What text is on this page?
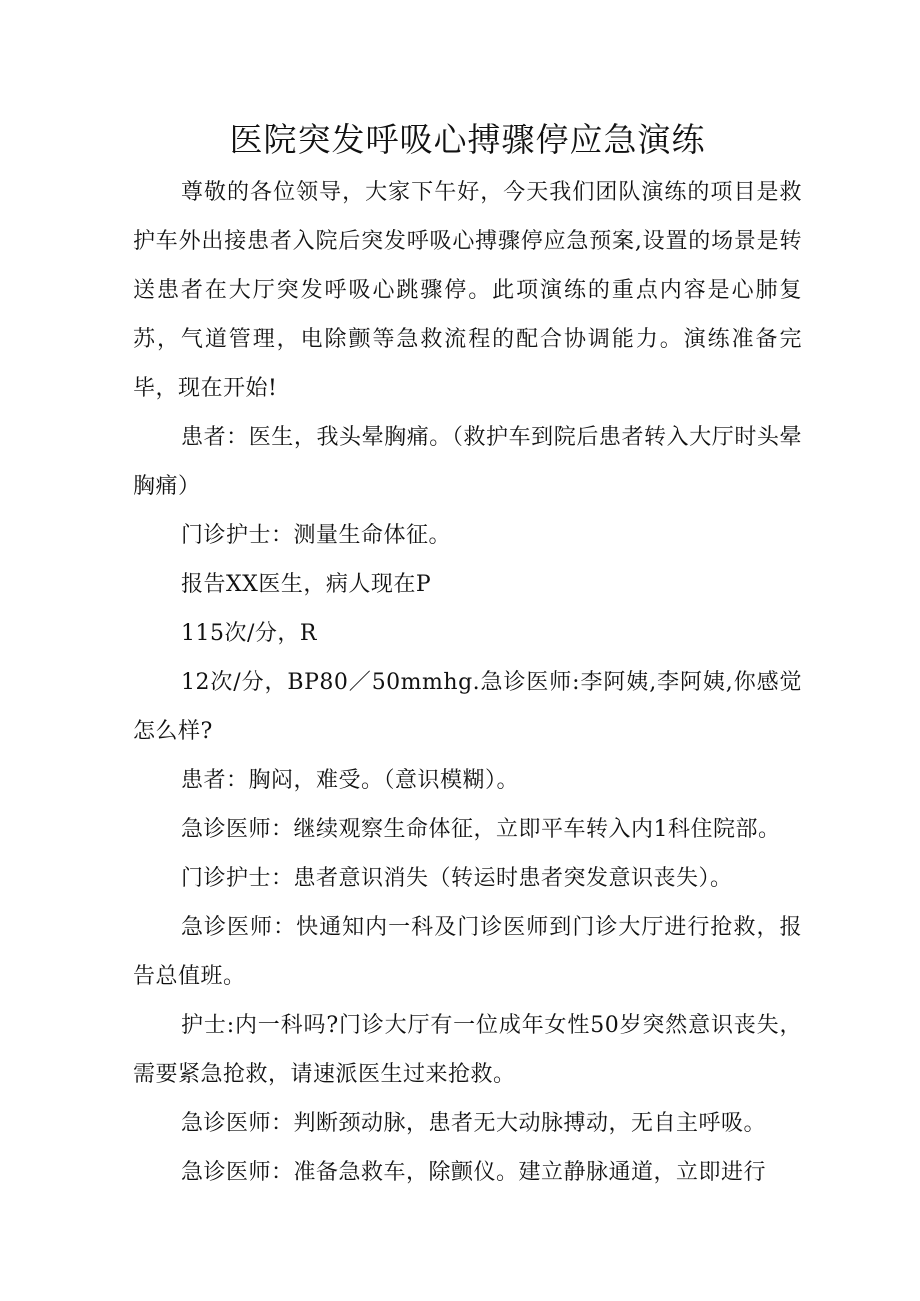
医院突发呼吸心搏骤停应急演练

尊敬的各位领导，大家下午好，今天我们团队演练的项目是救护车外出接患者入院后突发呼吸心搏骤停应急预案,设置的场景是转送患者在大厅突发呼吸心跳骤停。此项演练的重点内容是心肺复苏，气道管理，电除颤等急救流程的配合协调能力。演练准备完毕，现在开始!

患者：医生，我头晕胸痛。（救护车到院后患者转入大厅时头晕胸痛）

门诊护士：测量生命体征。

报告XX医生，病人现在P

115次/分，R

12次/分，BP80／50mmhg.急诊医师:李阿姨,李阿姨,你感觉怎么样?

患者：胸闷，难受。（意识模糊）。

急诊医师：继续观察生命体征，立即平车转入内1科住院部。

门诊护士：患者意识消失（转运时患者突发意识丧失）。

急诊医师：快通知内一科及门诊医师到门诊大厅进行抢救，报告总值班。

护士:内一科吗?门诊大厅有一位成年女性50岁突然意识丧失，需要紧急抢救，请速派医生过来抢救。

急诊医师：判断颈动脉，患者无大动脉搏动，无自主呼吸。

急诊医师：准备急救车，除颤仪。建立静脉通道，立即进行
